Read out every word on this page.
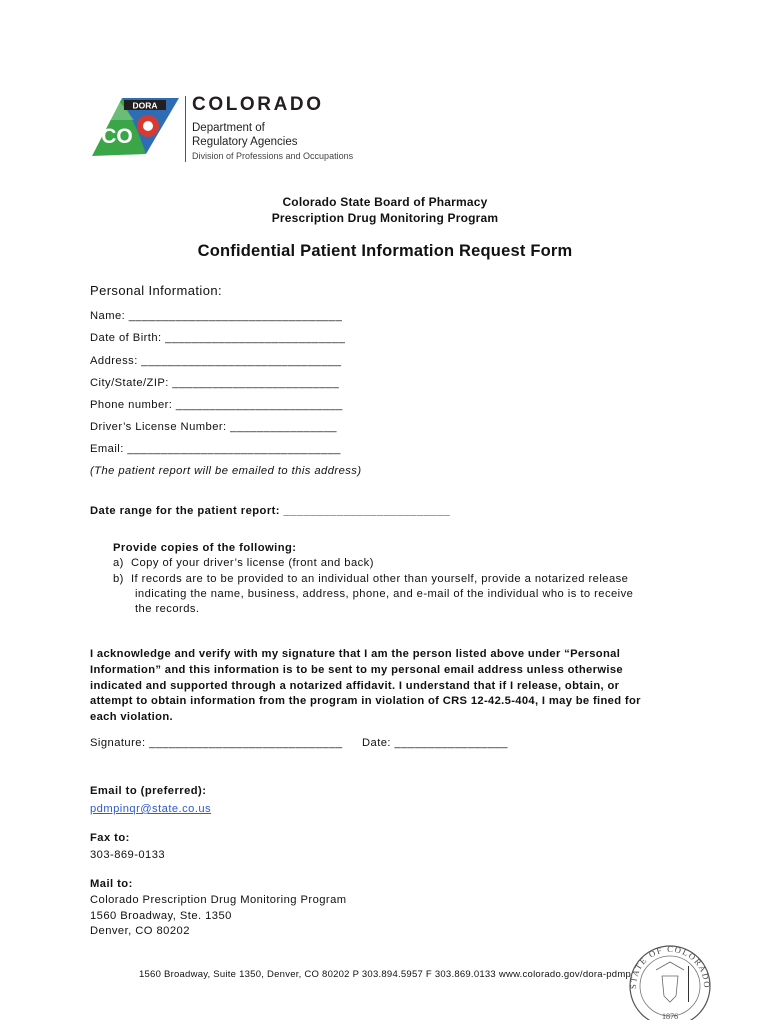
DORA
CO
COLORADO
Department of
Regulatory Agencies
Division of Professions and Occupations
Colorado State Board of Pharmacy
Prescription Drug Monitoring Program
Confidential Patient Information Request Form
Personal Information:
Name: ________________________________
Date of Birth: ___________________________
Address: ______________________________
City/State/ZIP: _________________________
Phone number: _________________________
Driver’s License Number: ________________
Email: ________________________________
(The patient report will be emailed to this address)
Date range for the patient report: _________________________
Provide copies of the following:
a) Copy of your driver’s license (front and back)
b) If records are to be provided to an individual other than yourself, provide a notarized release
indicating the name, business, address, phone, and e-mail of the individual who is to receive
the records.
I acknowledge and verify with my signature that I am the person listed above under “Personal
Information” and this information is to be sent to my personal email address unless otherwise
indicated and supported through a notarized affidavit. I understand that if I release, obtain, or
attempt to obtain information from the program in violation of CRS 12-42.5-404, I may be fined for
each violation.
Signature: _____________________________ Date: _________________
Email to (preferred):
pdmpinqr@state.co.us
Fax to:
303-869-0133
Mail to:
Colorado Prescription Drug Monitoring Program
1560 Broadway, Ste. 1350
Denver, CO 80202
1560 Broadway, Suite 1350, Denver, CO 80202 P 303.894.5957 F 303.869.0133 www.colorado.gov/dora-pdmp
STATE OF COLORADO
1876
